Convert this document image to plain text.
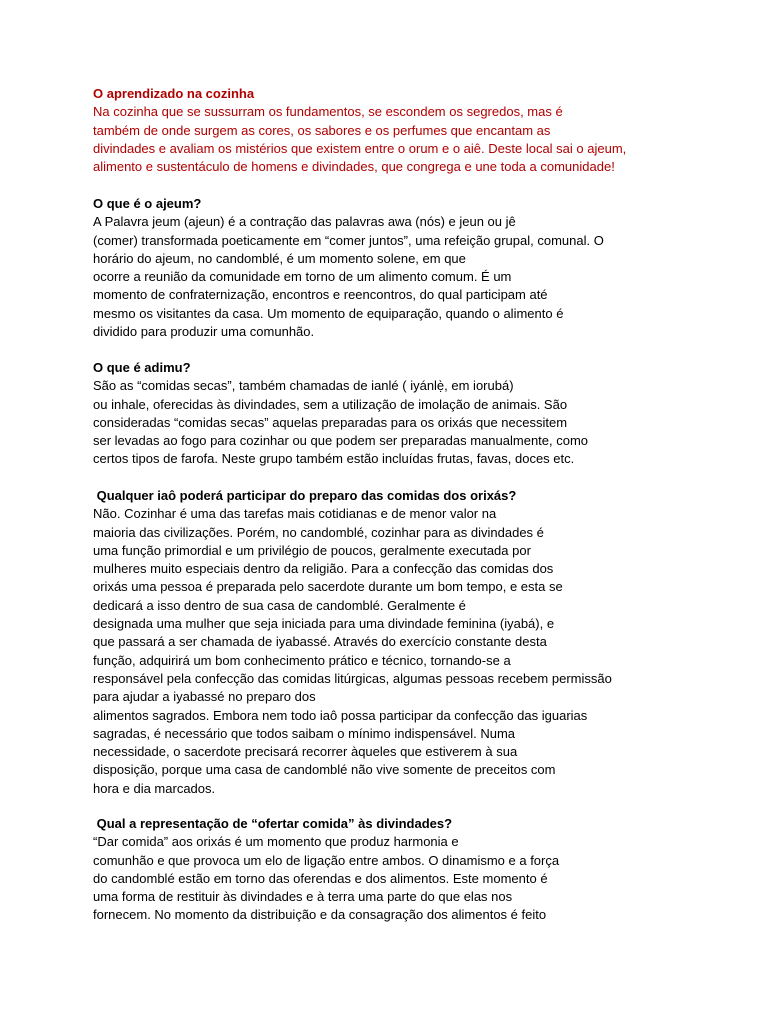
O aprendizado na cozinha
Na cozinha que se sussurram os fundamentos, se escondem os segredos, mas é
também de onde surgem as cores, os sabores e os perfumes que encantam as
divindades e avaliam os mistérios que existem entre o orum e o aiê. Deste local sai o ajeum,
alimento e sustentáculo de homens e divindades, que congrega e une toda a comunidade!
O que é o ajeum?
A Palavra jeum (ajeun) é a contração das palavras awa (nós) e jeun ou jê
(comer) transformada poeticamente em “comer juntos”, uma refeição grupal, comunal. O
horário do ajeum, no candomblé, é um momento solene, em que
ocorre a reunião da comunidade em torno de um alimento comum. É um
momento de confraternização, encontros e reencontros, do qual participam até
mesmo os visitantes da casa. Um momento de equiparação, quando o alimento é
dividido para produzir uma comunhão.
O que é adimu?
São as “comidas secas”, também chamadas de ianlé ( iyánlẹ̀, em iorubá)
ou inhale, oferecidas às divindades, sem a utilização de imolação de animais. São
consideradas “comidas secas” aquelas preparadas para os orixás que necessitem
ser levadas ao fogo para cozinhar ou que podem ser preparadas manualmente, como
certos tipos de farofa. Neste grupo também estão incluídas frutas, favas, doces etc.
Qualquer iaô poderá participar do preparo das comidas dos orixás?
Não. Cozinhar é uma das tarefas mais cotidianas e de menor valor na
maioria das civilizações. Porém, no candomblé, cozinhar para as divindades é
uma função primordial e um privilégio de poucos, geralmente executada por
mulheres muito especiais dentro da religião. Para a confecção das comidas dos
orixás uma pessoa é preparada pelo sacerdote durante um bom tempo, e esta se
dedicará a isso dentro de sua casa de candomblé. Geralmente é
designada uma mulher que seja iniciada para uma divindade feminina (iyabá), e
que passará a ser chamada de iyabassé. Através do exercício constante desta
função, adquirirá um bom conhecimento prático e técnico, tornando-se a
responsável pela confecção das comidas litúrgicas, algumas pessoas recebem permissão
para ajudar a iyabassé no preparo dos
alimentos sagrados. Embora nem todo iaô possa participar da confecção das iguarias
sagradas, é necessário que todos saibam o mínimo indispensável. Numa
necessidade, o sacerdote precisará recorrer àqueles que estiverem à sua
disposição, porque uma casa de candomblé não vive somente de preceitos com
hora e dia marcados.
Qual a representação de “ofertar comida” às divindades?
“Dar comida” aos orixás é um momento que produz harmonia e
comunhão e que provoca um elo de ligação entre ambos. O dinamismo e a força
do candomblé estão em torno das oferendas e dos alimentos. Este momento é
uma forma de restituir às divindades e à terra uma parte do que elas nos
fornecem. No momento da distribuição e da consagração dos alimentos é feito
